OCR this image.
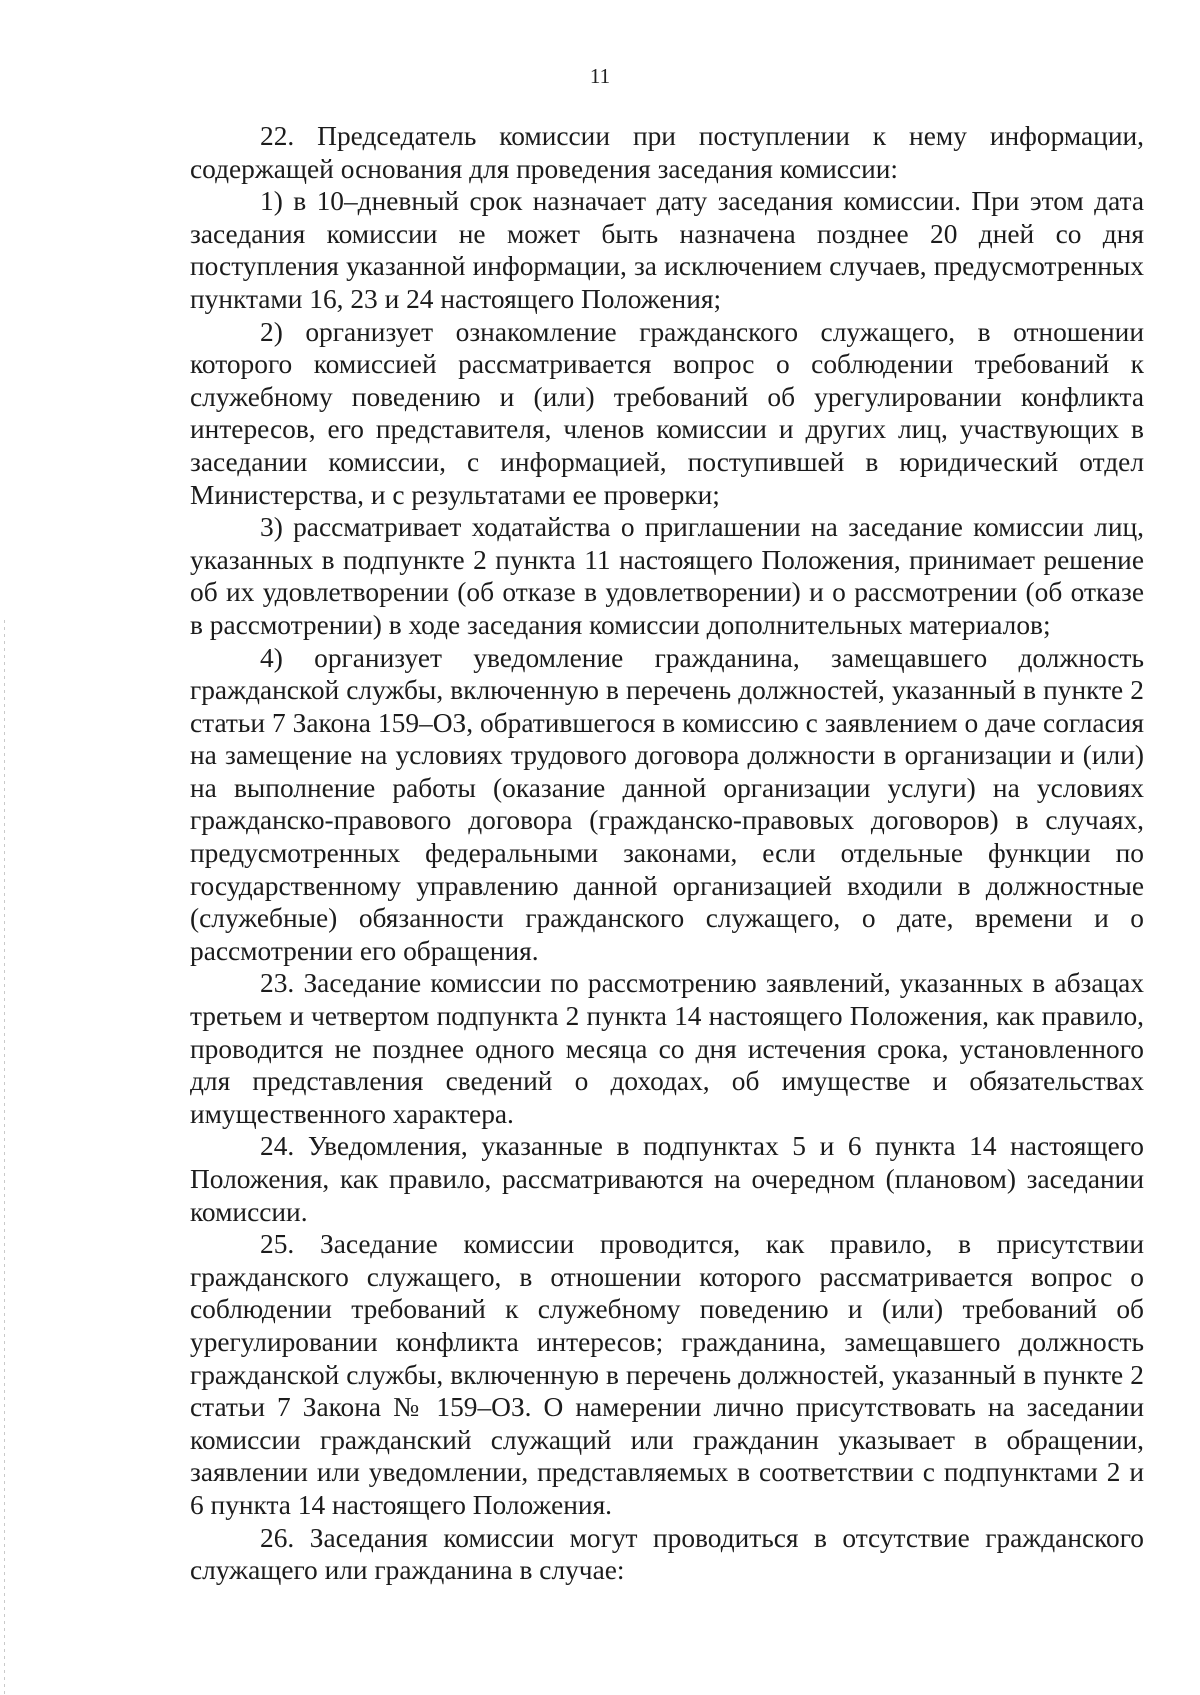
11

22. Председатель комиссии при поступлении к нему информации, содержащей основания для проведения заседания комиссии:

1) в 10–дневный срок назначает дату заседания комиссии. При этом дата заседания комиссии не может быть назначена позднее 20 дней со дня поступления указанной информации, за исключением случаев, предусмотренных пунктами 16, 23 и 24 настоящего Положения;

2) организует ознакомление гражданского служащего, в отношении которого комиссией рассматривается вопрос о соблюдении требований к служебному поведению и (или) требований об урегулировании конфликта интересов, его представителя, членов комиссии и других лиц, участвующих в заседании комиссии, с информацией, поступившей в юридический отдел Министерства, и с результатами ее проверки;

3) рассматривает ходатайства о приглашении на заседание комиссии лиц, указанных в подпункте 2 пункта 11 настоящего Положения, принимает решение об их удовлетворении (об отказе в удовлетворении) и о рассмотрении (об отказе в рассмотрении) в ходе заседания комиссии дополнительных материалов;

4) организует уведомление гражданина, замещавшего должность гражданской службы, включенную в перечень должностей, указанный в пункте 2 статьи 7 Закона 159–ОЗ, обратившегося в комиссию с заявлением о даче согласия на замещение на условиях трудового договора должности в организации и (или) на выполнение работы (оказание данной организации услуги) на условиях гражданско-правового договора (гражданско-правовых договоров) в случаях, предусмотренных федеральными законами, если отдельные функции по государственному управлению данной организацией входили в должностные (служебные) обязанности гражданского служащего, о дате, времени и о рассмотрении его обращения.

23. Заседание комиссии по рассмотрению заявлений, указанных в абзацах третьем и четвертом подпункта 2 пункта 14 настоящего Положения, как правило, проводится не позднее одного месяца со дня истечения срока, установленного для представления сведений о доходах, об имуществе и обязательствах имущественного характера.

24. Уведомления, указанные в подпунктах 5 и 6 пункта 14 настоящего Положения, как правило, рассматриваются на очередном (плановом) заседании комиссии.

25. Заседание комиссии проводится, как правило, в присутствии гражданского служащего, в отношении которого рассматривается вопрос о соблюдении требований к служебному поведению и (или) требований об урегулировании конфликта интересов; гражданина, замещавшего должность гражданской службы, включенную в перечень должностей, указанный в пункте 2 статьи 7 Закона № 159–ОЗ. О намерении лично присутствовать на заседании комиссии гражданский служащий или гражданин указывает в обращении, заявлении или уведомлении, представляемых в соответствии с подпунктами 2 и 6 пункта 14 настоящего Положения.

26. Заседания комиссии могут проводиться в отсутствие гражданского служащего или гражданина в случае:
